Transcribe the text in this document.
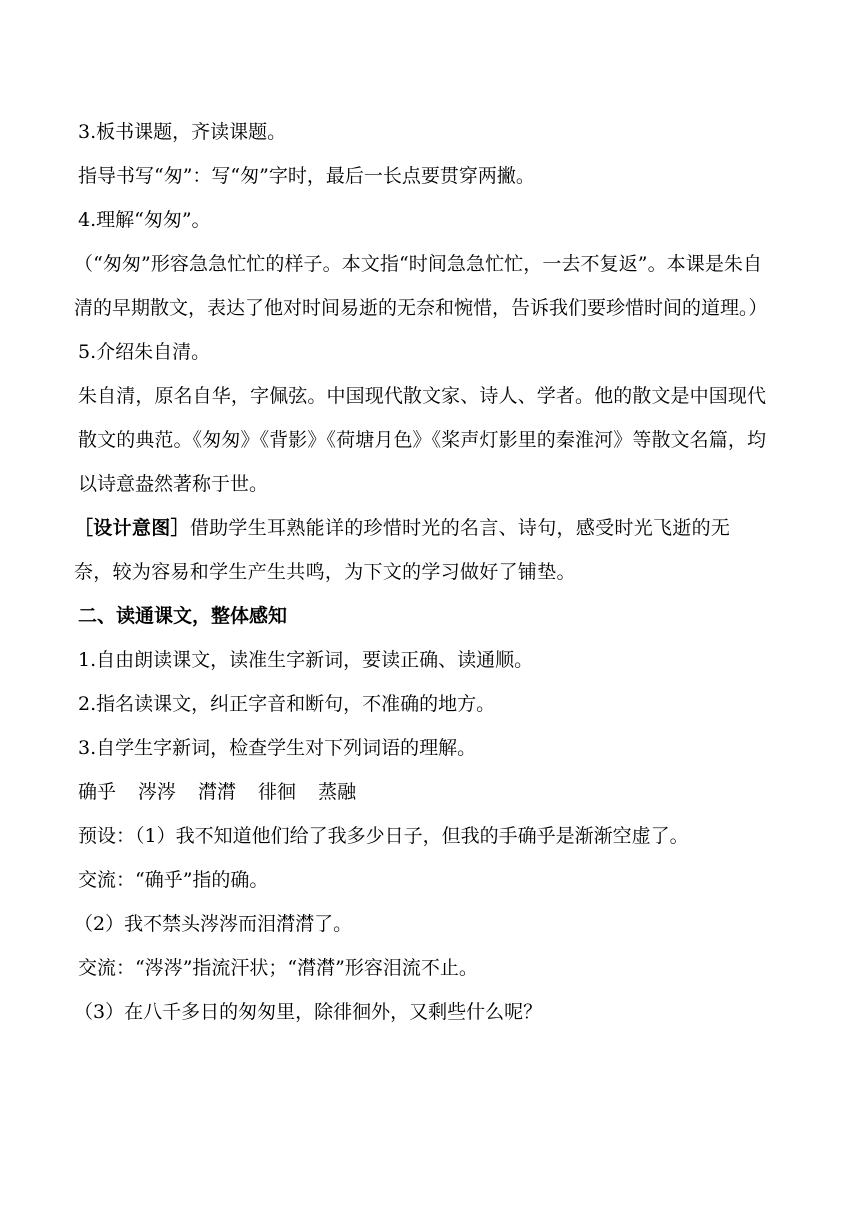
3.板书课题，齐读课题。

指导书写“匆”：写“匆”字时，最后一长点要贯穿两撇。

4.理解“匆匆”。

（“匆匆”形容急急忙忙的样子。本文指“时间急急忙忙，一去不复返”。本课是朱自清的早期散文，表达了他对时间易逝的无奈和惋惜，告诉我们要珍惜时间的道理。）

5.介绍朱自清。

朱自清，原名自华，字佩弦。中国现代散文家、诗人、学者。他的散文是中国现代散文的典范。《匆匆》《背影》《荷塘月色》《桨声灯影里的秦淮河》等散文名篇，均以诗意盎然著称于世。

［设计意图］借助学生耳熟能详的珍惜时光的名言、诗句，感受时光飞逝的无奈，较为容易和学生产生共鸣，为下文的学习做好了铺垫。

二、读通课文，整体感知

1.自由朗读课文，读准生字新词，要读正确、读通顺。

2.指名读课文，纠正字音和断句，不准确的地方。

3.自学生字新词，检查学生对下列词语的理解。

确乎 涔涔 潸潸 徘徊 蒸融

预设：（1）我不知道他们给了我多少日子，但我的手确乎是渐渐空虚了。

交流：“确乎”指的确。

（2）我不禁头涔涔而泪潸潸了。

交流：“涔涔”指流汗状；“潸潸”形容泪流不止。

（3）在八千多日的匆匆里，除徘徊外，又剩些什么呢？
